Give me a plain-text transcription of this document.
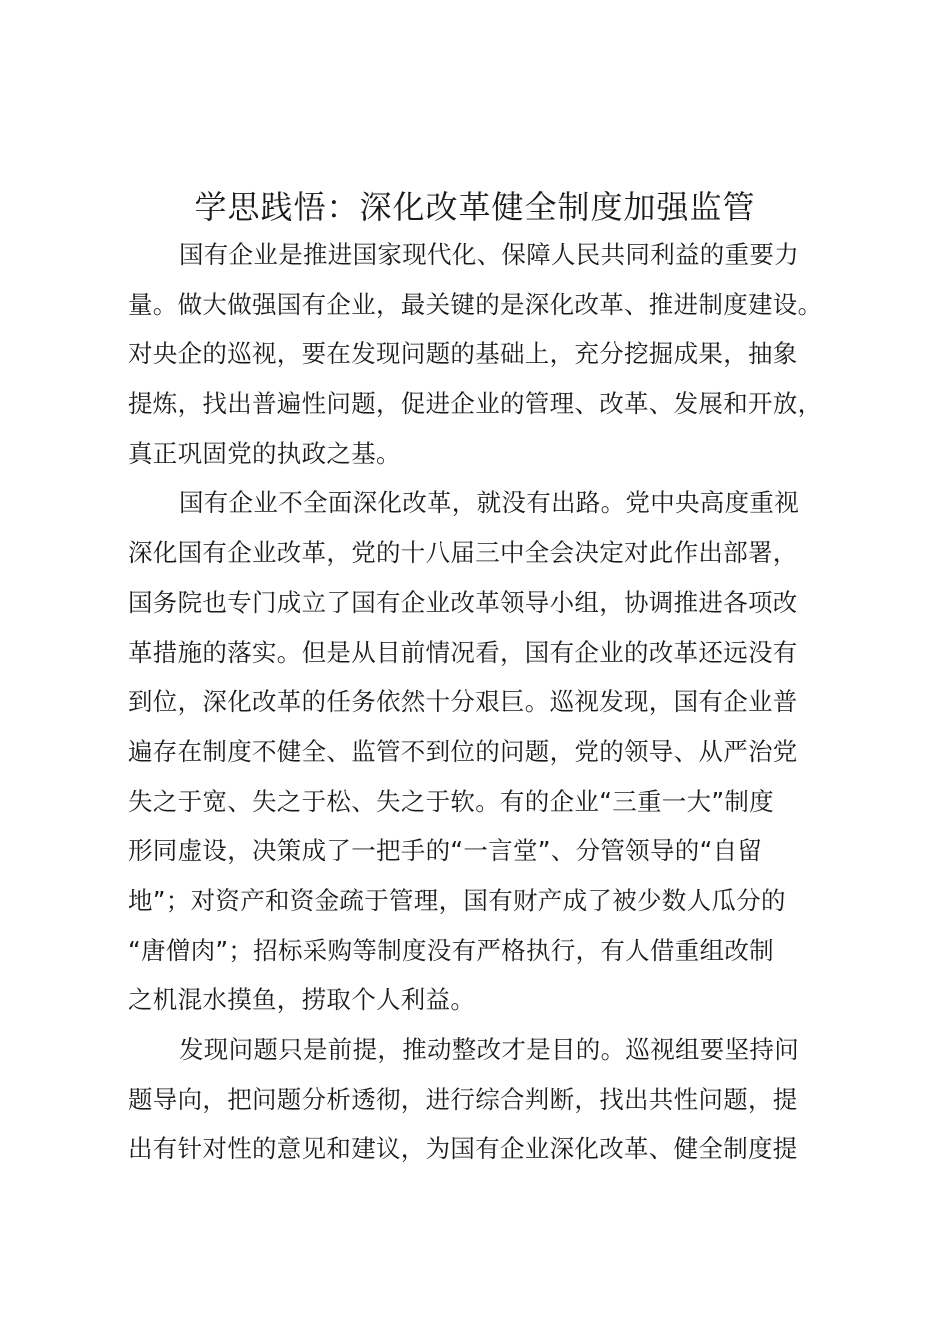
学思践悟：深化改革健全制度加强监管
国有企业是推进国家现代化、保障人民共同利益的重要力
量。做大做强国有企业，最关键的是深化改革、推进制度建设。
对央企的巡视，要在发现问题的基础上，充分挖掘成果，抽象
提炼，找出普遍性问题，促进企业的管理、改革、发展和开放，
真正巩固党的执政之基。
国有企业不全面深化改革，就没有出路。党中央高度重视
深化国有企业改革，党的十八届三中全会决定对此作出部署，
国务院也专门成立了国有企业改革领导小组，协调推进各项改
革措施的落实。但是从目前情况看，国有企业的改革还远没有
到位，深化改革的任务依然十分艰巨。巡视发现，国有企业普
遍存在制度不健全、监管不到位的问题，党的领导、从严治党
失之于宽、失之于松、失之于软。有的企业“三重一大”制度
形同虚设，决策成了一把手的“一言堂”、分管领导的“自留
地”；对资产和资金疏于管理，国有财产成了被少数人瓜分的
“唐僧肉”；招标采购等制度没有严格执行，有人借重组改制
之机混水摸鱼，捞取个人利益。
发现问题只是前提，推动整改才是目的。巡视组要坚持问
题导向，把问题分析透彻，进行综合判断，找出共性问题，提
出有针对性的意见和建议，为国有企业深化改革、健全制度提
